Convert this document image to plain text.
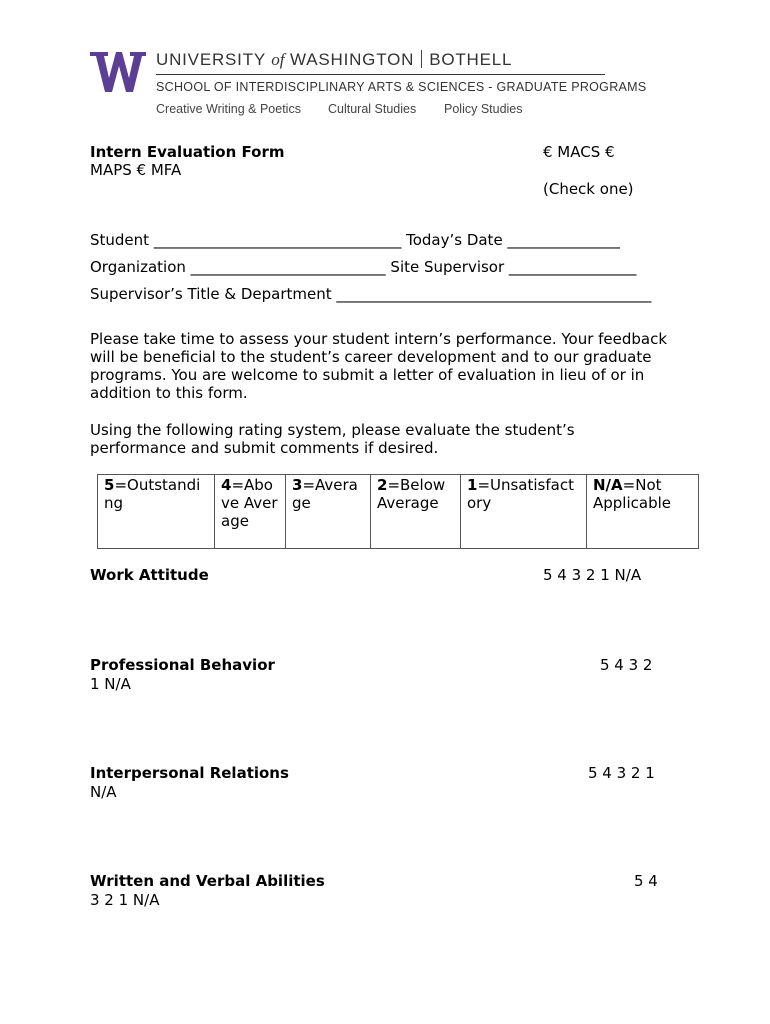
UNIVERSITY of WASHINGTON BOTHELL
SCHOOL OF INTERDISCIPLINARY ARTS & SCIENCES - GRADUATE PROGRAMS
Creative Writing & Poetics Cultural Studies Policy Studies
Intern Evaluation Form	€ MACS €
MAPS € MFA
(Check one)
Student _________________________________ Today’s Date _______________
Organization __________________________ Site Supervisor _________________
Supervisor’s Title & Department __________________________________________
Please take time to assess your student intern’s performance. Your feedback will be beneficial to the student’s career development and to our graduate programs. You are welcome to submit a letter of evaluation in lieu of or in addition to this form.
Using the following rating system, please evaluate the student’s performance and submit comments if desired.
5=Outstanding	4=Above Average	3=Average	2=Below Average	1=Unsatisfactory	N/A=Not Applicable
Work Attitude	5 4 3 2 1 N/A
Professional Behavior	5 4 3 2
1 N/A
Interpersonal Relations	5 4 3 2 1
N/A
Written and Verbal Abilities	5 4
3 2 1 N/A
